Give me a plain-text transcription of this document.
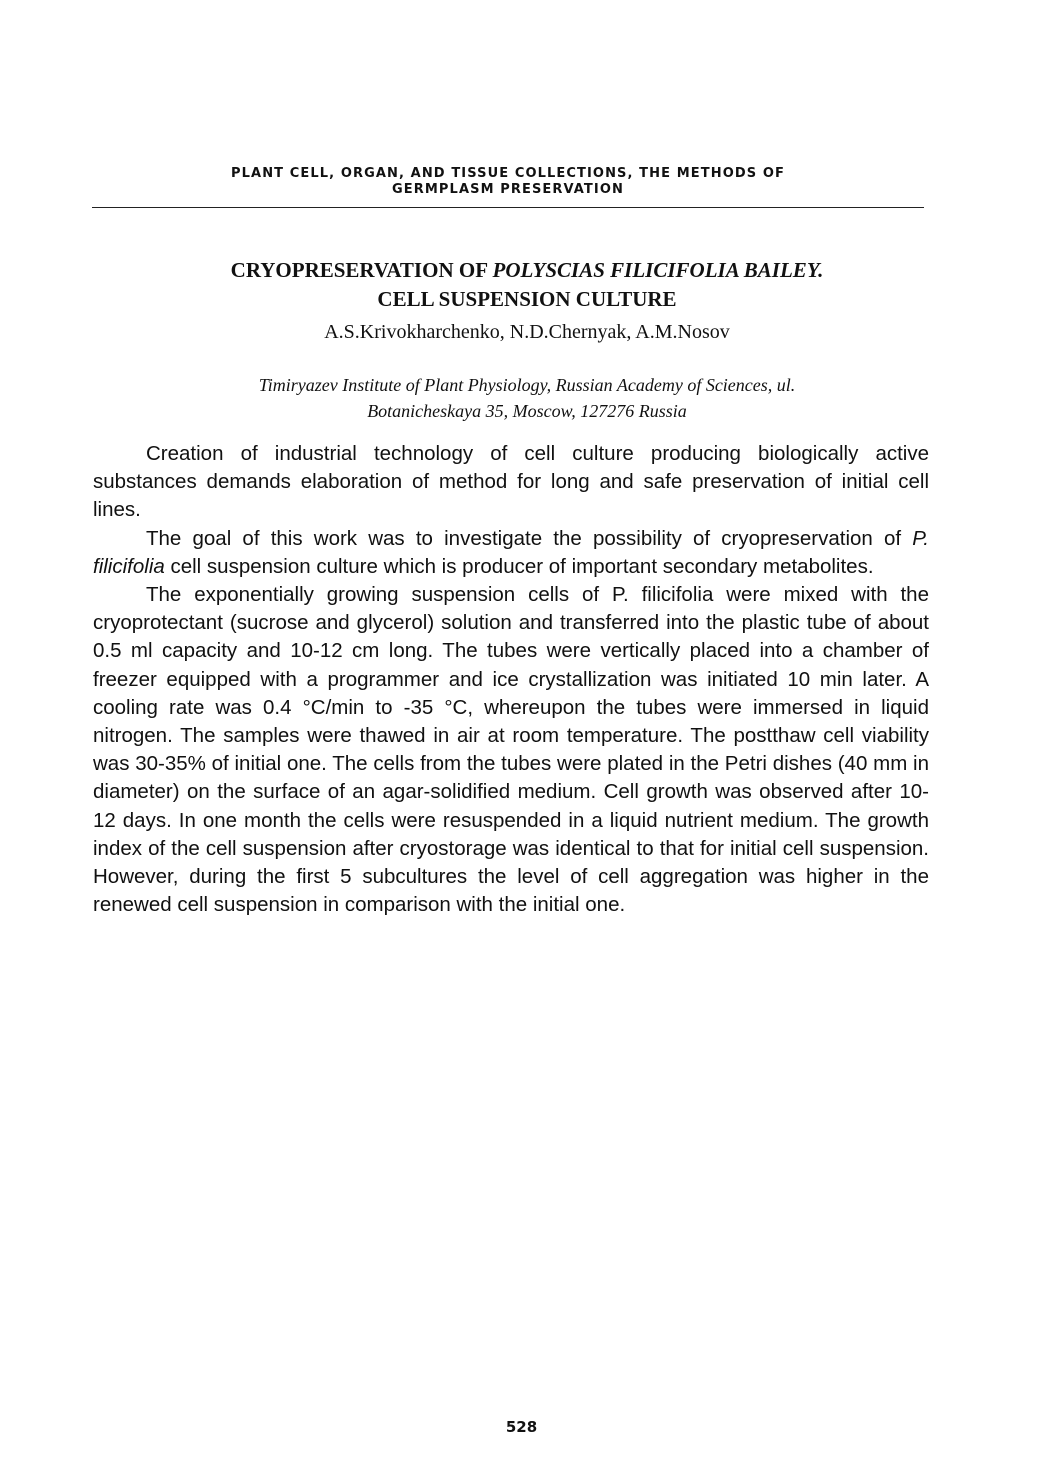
PLANT CELL, ORGAN, AND TISSUE COLLECTIONS, THE METHODS OF
GERMPLASM PRESERVATION
CRYOPRESERVATION OF POLYSCIAS FILICIFOLIA BAILEY.
CELL SUSPENSION CULTURE
A.S.Krivokharchenko, N.D.Chernyak, A.M.Nosov
Timiryazev Institute of Plant Physiology, Russian Academy of Sciences, ul.
Botanicheskaya 35, Moscow, 127276 Russia

Creation of industrial technology of cell culture producing biologically active substances demands elaboration of method for long and safe preservation of initial cell lines.

The goal of this work was to investigate the possibility of cryopreservation of P. filicifolia cell suspension culture which is producer of important secondary metabolites.

The exponentially growing suspension cells of P. filicifolia were mixed with the cryoprotectant (sucrose and glycerol) solution and transferred into the plastic tube of about 0.5 ml capacity and 10-12 cm long. The tubes were vertically placed into a chamber of freezer equipped with a programmer and ice crystallization was initiated 10 min later. A cooling rate was 0.4 °C/min to -35 °C, whereupon the tubes were immersed in liquid nitrogen. The samples were thawed in air at room temperature. The postthaw cell viability was 30-35% of initial one. The cells from the tubes were plated in the Petri dishes (40 mm in diameter) on the surface of an agar-solidified medium. Cell growth was observed after 10-12 days. In one month the cells were resuspended in a liquid nutrient medium. The growth index of the cell suspension after cryostorage was identical to that for initial cell suspension. However, during the first 5 subcultures the level of cell aggregation was higher in the renewed cell suspension in comparison with the initial one.

528
